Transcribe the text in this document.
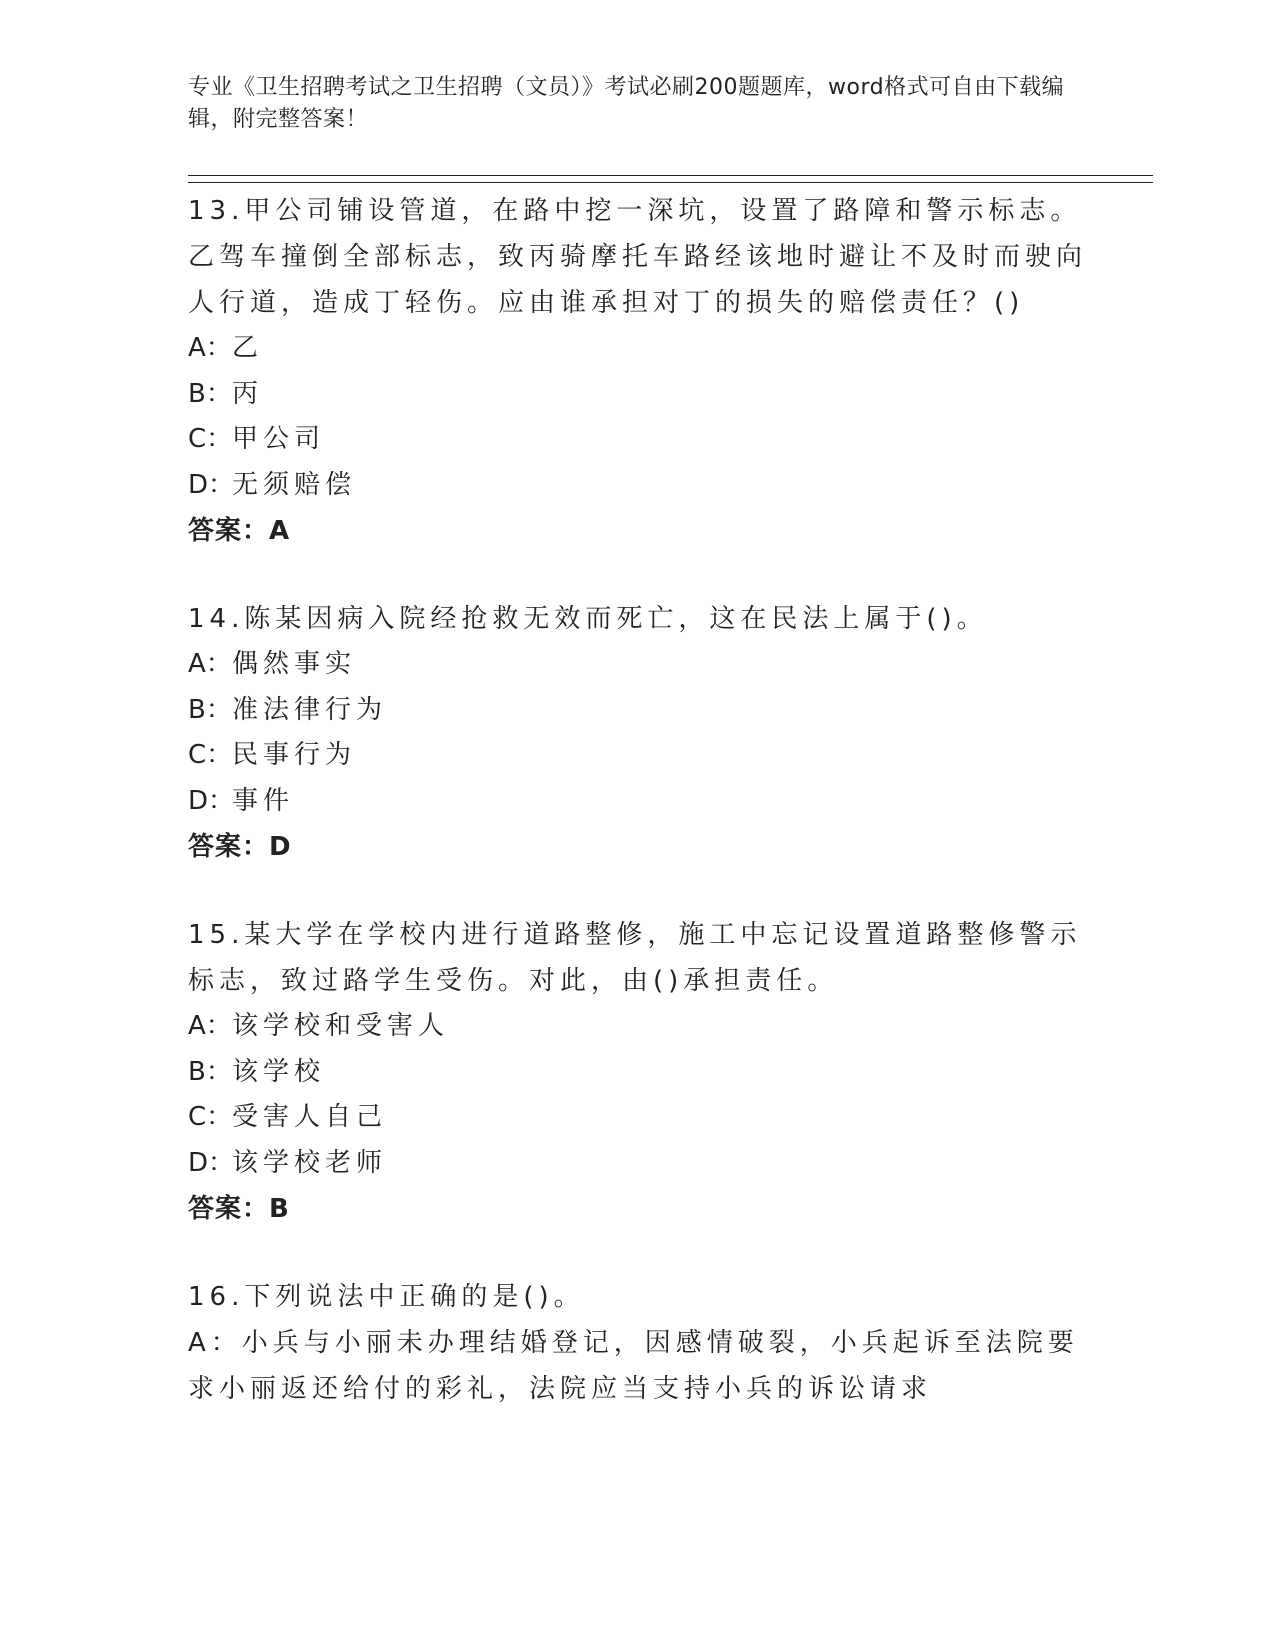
专业《卫生招聘考试之卫生招聘（文员）》考试必刷200题题库，word格式可自由下载编辑，附完整答案！
13.甲公司铺设管道，在路中挖一深坑，设置了路障和警示标志。乙驾车撞倒全部标志，致丙骑摩托车路经该地时避让不及时而驶向人行道，造成丁轻伤。应由谁承担对丁的损失的赔偿责任？()
A：乙
B：丙
C：甲公司
D：无须赔偿
答案：A
14.陈某因病入院经抢救无效而死亡，这在民法上属于()。
A：偶然事实
B：准法律行为
C：民事行为
D：事件
答案：D
15.某大学在学校内进行道路整修，施工中忘记设置道路整修警示标志，致过路学生受伤。对此，由()承担责任。
A：该学校和受害人
B：该学校
C：受害人自己
D：该学校老师
答案：B
16.下列说法中正确的是()。
A：小兵与小丽未办理结婚登记，因感情破裂，小兵起诉至法院要求小丽返还给付的彩礼，法院应当支持小兵的诉讼请求
